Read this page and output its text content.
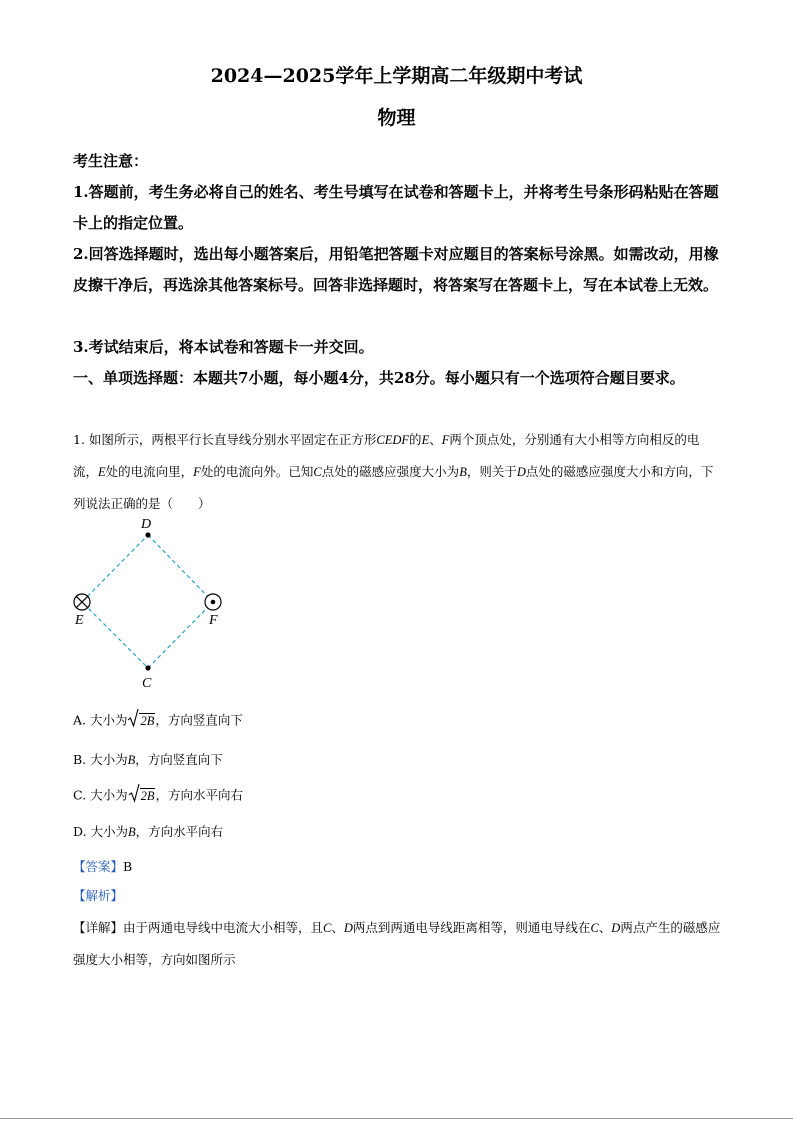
2024—2025学年上学期高二年级期中考试
物理
考生注意：
1.答题前，考生务必将自己的姓名、考生号填写在试卷和答题卡上，并将考生号条形码粘贴在答题卡上的指定位置。
2.回答选择题时，选出每小题答案后，用铅笔把答题卡对应题目的答案标号涂黑。如需改动，用橡皮擦干净后，再选涂其他答案标号。回答非选择题时，将答案写在答题卡上，写在本试卷上无效。
3.考试结束后，将本试卷和答题卡一并交回。
一、单项选择题：本题共7小题，每小题4分，共28分。每小题只有一个选项符合题目要求。
1. 如图所示，两根平行长直导线分别水平固定在正方形CEDF的E、F两个顶点处，分别通有大小相等方向相反的电流，E处的电流向里，F处的电流向外。已知C点处的磁感应强度大小为B，则关于D点处的磁感应强度大小和方向，下列说法正确的是（　　）
D
E	F
C
A. 大小为 2B，方向竖直向下
B. 大小为B，方向竖直向下
C. 大小为 2B，方向水平向右
D. 大小为B，方向水平向右
【答案】B
【解析】
【详解】由于两通电导线中电流大小相等，且C、D两点到两通电导线距离相等，则通电导线在C、D两点产生的磁感应强度大小相等，方向如图所示
